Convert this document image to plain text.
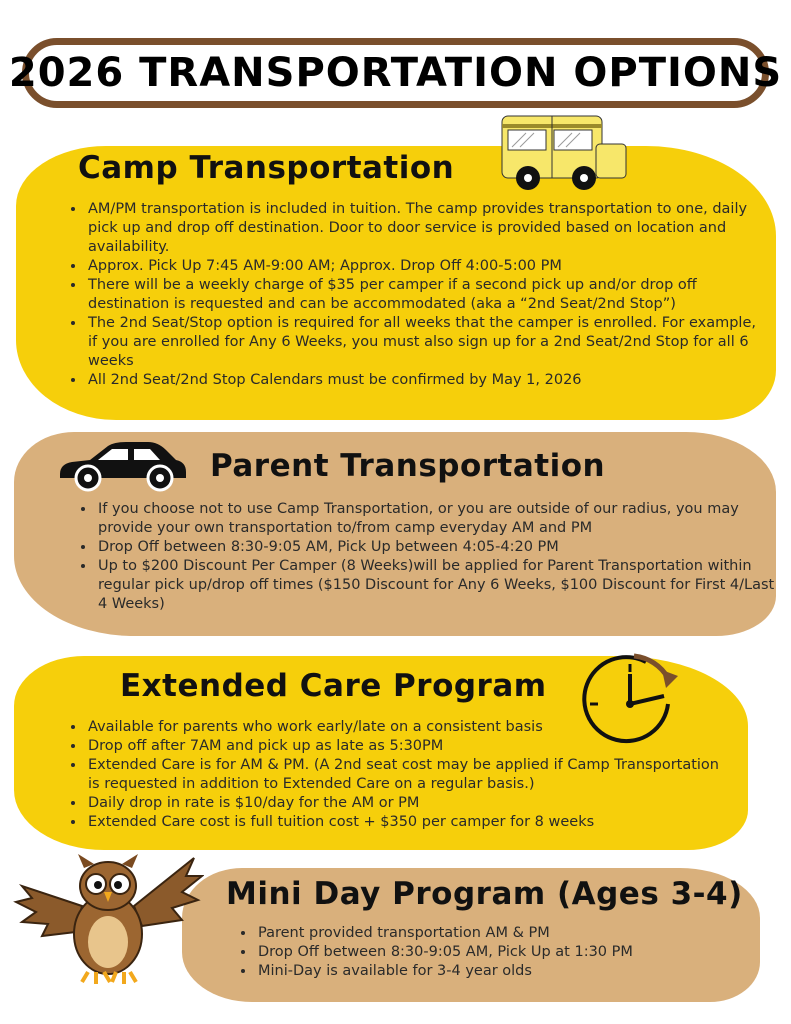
2026 TRANSPORTATION OPTIONS
Camp Transportation
• AM/PM transportation is included in tuition. The camp provides transportation to one, daily pick up and drop off destination. Door to door service is provided based on location and availability.
• Approx. Pick Up 7:45 AM-9:00 AM; Approx. Drop Off 4:00-5:00 PM
• There will be a weekly charge of $35 per camper if a second pick up and/or drop off destination is requested and can be accommodated (aka a “2nd Seat/2nd Stop”)
• The 2nd Seat/Stop option is required for all weeks that the camper is enrolled. For example, if you are enrolled for Any 6 Weeks, you must also sign up for a 2nd Seat/2nd Stop for all 6 weeks
• All 2nd Seat/2nd Stop Calendars must be confirmed by May 1, 2026
Parent Transportation
• If you choose not to use Camp Transportation, or you are outside of our radius, you may provide your own transportation to/from camp everyday AM and PM
• Drop Off between 8:30-9:05 AM, Pick Up between 4:05-4:20 PM
• Up to $200 Discount Per Camper (8 Weeks)will be applied for Parent Transportation within regular pick up/drop off times ($150 Discount for Any 6 Weeks, $100 Discount for First 4/Last 4 Weeks)
Extended Care Program
• Available for parents who work early/late on a consistent basis
• Drop off after 7AM and pick up as late as 5:30PM
• Extended Care is for AM & PM. (A 2nd seat cost may be applied if Camp Transportation is requested in addition to Extended Care on a regular basis.)
• Daily drop in rate is $10/day for the AM or PM
• Extended Care cost is full tuition cost + $350 per camper for 8 weeks
Mini Day Program (Ages 3-4)
• Parent provided transportation AM & PM
• Drop Off between 8:30-9:05 AM, Pick Up at 1:30 PM
• Mini-Day is available for 3-4 year olds
